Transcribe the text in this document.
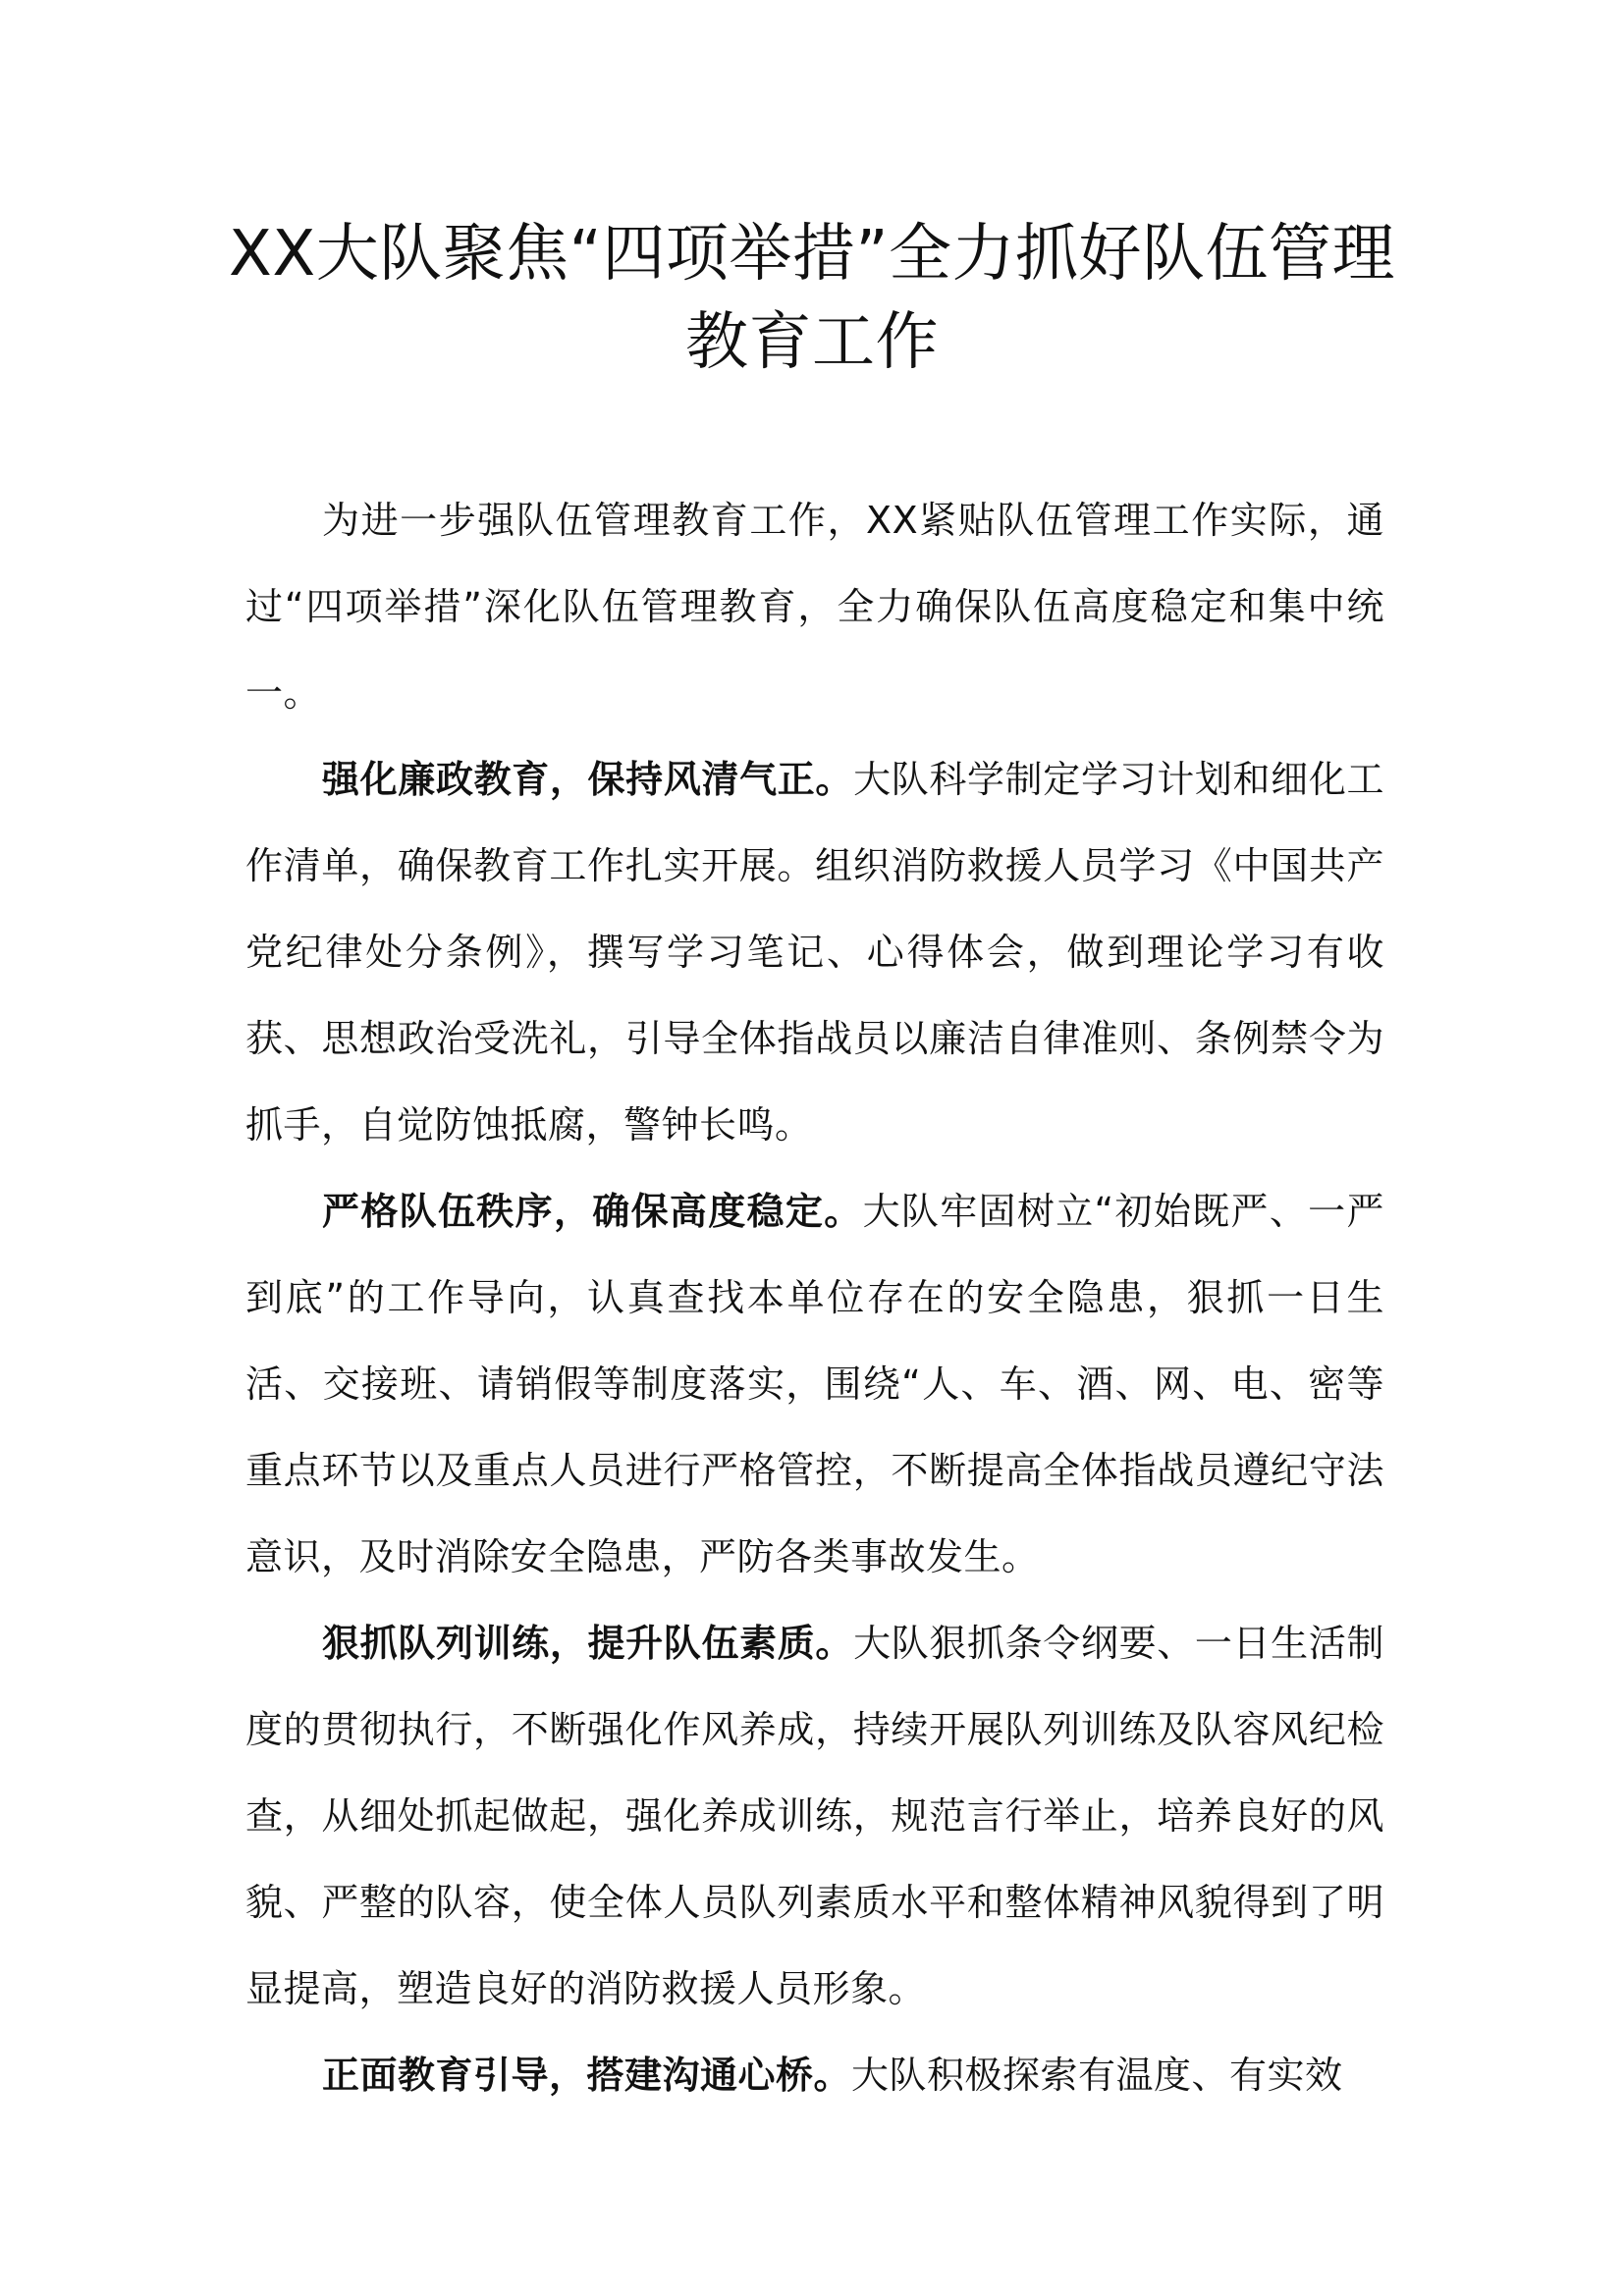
XX大队聚焦“四项举措”全力抓好队伍管理教育工作

为进一步强队伍管理教育工作，XX紧贴队伍管理工作实际，通过“四项举措”深化队伍管理教育，全力确保队伍高度稳定和集中统一。

强化廉政教育，保持风清气正。大队科学制定学习计划和细化工作清单，确保教育工作扎实开展。组织消防救援人员学习《中国共产党纪律处分条例》，撰写学习笔记、心得体会，做到理论学习有收获、思想政治受洗礼，引导全体指战员以廉洁自律准则、条例禁令为抓手，自觉防蚀抵腐，警钟长鸣。

严格队伍秩序，确保高度稳定。大队牢固树立“初始既严、一严到底”的工作导向，认真查找本单位存在的安全隐患，狠抓一日生活、交接班、请销假等制度落实，围绕“人、车、酒、网、电、密等重点环节以及重点人员进行严格管控，不断提高全体指战员遵纪守法意识，及时消除安全隐患，严防各类事故发生。

狠抓队列训练，提升队伍素质。大队狠抓条令纲要、一日生活制度的贯彻执行，不断强化作风养成，持续开展队列训练及队容风纪检查，从细处抓起做起，强化养成训练，规范言行举止，培养良好的风貌、严整的队容，使全体人员队列素质水平和整体精神风貌得到了明显提高，塑造良好的消防救援人员形象。

正面教育引导，搭建沟通心桥。大队积极探索有温度、有实效
